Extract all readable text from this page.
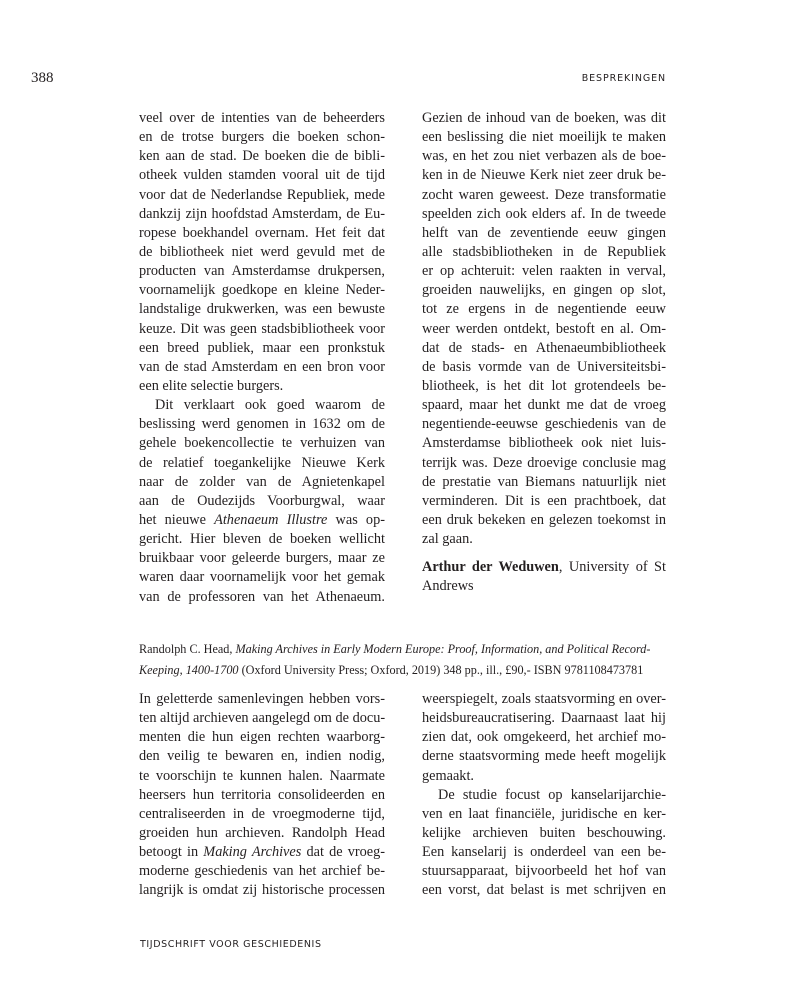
388	BESPREKINGEN
veel over de intenties van de beheerders
en de trotse burgers die boeken schon-
ken aan de stad. De boeken die de bibli-
otheek vulden stamden vooral uit de tijd
voor dat de Nederlandse Republiek, mede
dankzij zijn hoofdstad Amsterdam, de Eu-
ropese boekhandel overnam. Het feit dat
de bibliotheek niet werd gevuld met de
producten van Amsterdamse drukpersen,
voornamelijk goedkope en kleine Neder-
landstalige drukwerken, was een bewuste
keuze. Dit was geen stadsbibliotheek voor
een breed publiek, maar een pronkstuk
van de stad Amsterdam en een bron voor
een elite selectie burgers.
Dit verklaart ook goed waarom de
beslissing werd genomen in 1632 om de
gehele boekencollectie te verhuizen van
de relatief toegankelijke Nieuwe Kerk
naar de zolder van de Agnietenkapel
aan de Oudezijds Voorburgwal, waar
het nieuwe Athenaeum Illustre was op-
gericht. Hier bleven de boeken wellicht
bruikbaar voor geleerde burgers, maar ze
waren daar voornamelijk voor het gemak
van de professoren van het Athenaeum.
Gezien de inhoud van de boeken, was dit
een beslissing die niet moeilijk te maken
was, en het zou niet verbazen als de boe-
ken in de Nieuwe Kerk niet zeer druk be-
zocht waren geweest. Deze transformatie
speelden zich ook elders af. In de tweede
helft van de zeventiende eeuw gingen
alle stadsbibliotheken in de Republiek
er op achteruit: velen raakten in verval,
groeiden nauwelijks, en gingen op slot,
tot ze ergens in de negentiende eeuw
weer werden ontdekt, bestoft en al. Om-
dat de stads- en Athenaeumbibliotheek
de basis vormde van de Universiteitsbi-
bliotheek, is het dit lot grotendeels be-
spaard, maar het dunkt me dat de vroeg
negentiende-eeuwse geschiedenis van de
Amsterdamse bibliotheek ook niet luis-
terrijk was. Deze droevige conclusie mag
de prestatie van Biemans natuurlijk niet
verminderen. Dit is een prachtboek, dat
een druk bekeken en gelezen toekomst in
zal gaan.
Arthur der Weduwen, University of St
Andrews
Randolph C. Head, Making Archives in Early Modern Europe: Proof, Information, and Political Record-
Keeping, 1400-1700 (Oxford University Press; Oxford, 2019) 348 pp., ill., £90,- ISBN 9781108473781
In geletterde samenlevingen hebben vors-
ten altijd archieven aangelegd om de docu-
menten die hun eigen rechten waarborg-
den veilig te bewaren en, indien nodig,
te voorschijn te kunnen halen. Naarmate
heersers hun territoria consolideerden en
centraliseerden in de vroegmoderne tijd,
groeiden hun archieven. Randolph Head
betoogt in Making Archives dat de vroeg-
moderne geschiedenis van het archief be-
langrijk is omdat zij historische processen
weerspiegelt, zoals staatsvorming en over-
heidsbureaucratisering. Daarnaast laat hij
zien dat, ook omgekeerd, het archief mo-
derne staatsvorming mede heeft mogelijk
gemaakt.
De studie focust op kanselarijarchie-
ven en laat financiële, juridische en ker-
kelijke archieven buiten beschouwing.
Een kanselarij is onderdeel van een be-
stuursapparaat, bijvoorbeeld het hof van
een vorst, dat belast is met schrijven en
TIJDSCHRIFT VOOR GESCHIEDENIS
